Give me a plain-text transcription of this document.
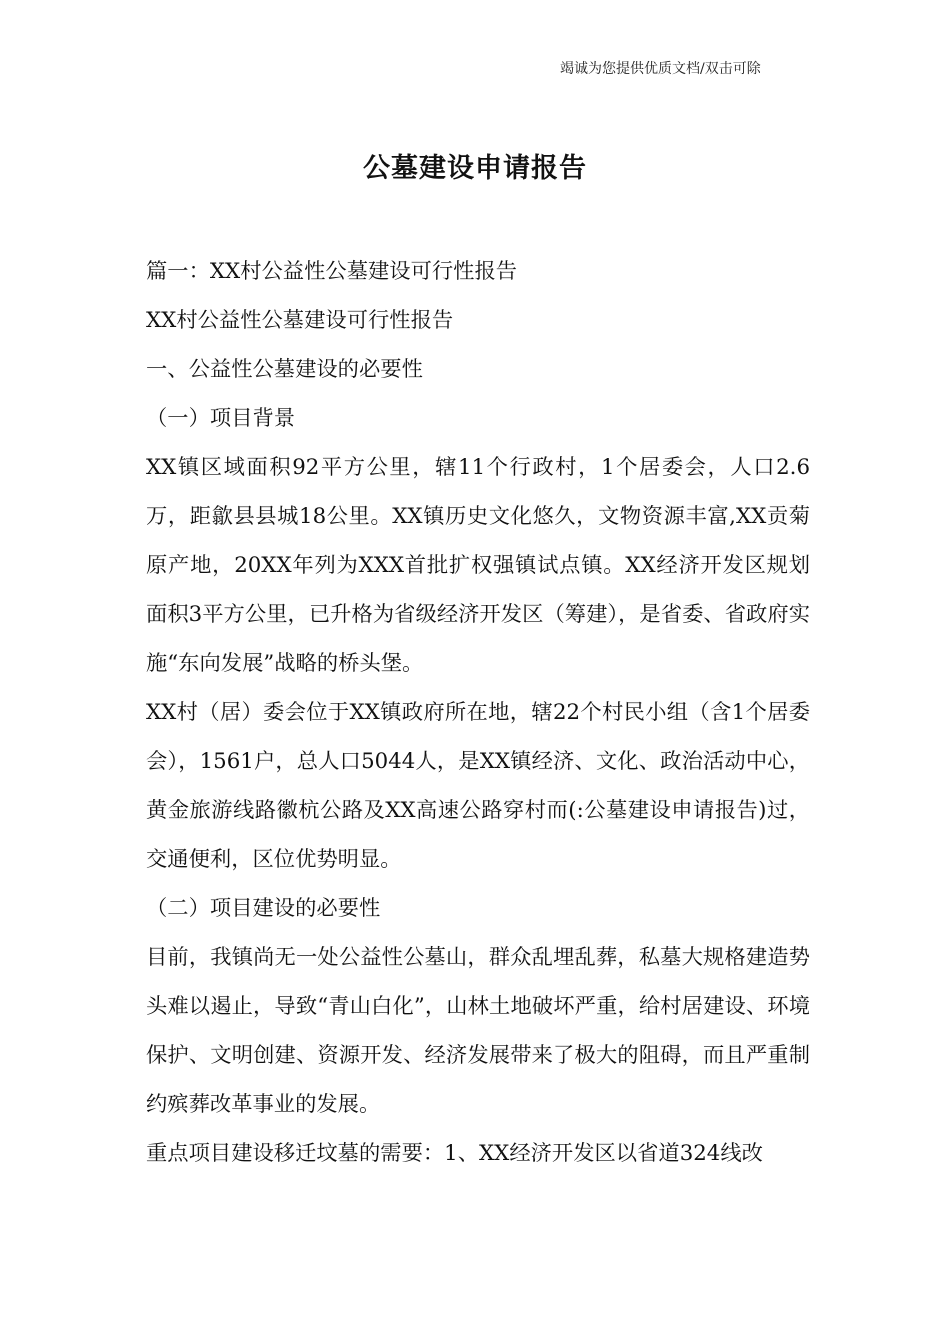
竭诚为您提供优质文档/双击可除
公墓建设申请报告

篇一：XX村公益性公墓建设可行性报告

XX村公益性公墓建设可行性报告

一、公益性公墓建设的必要性

（一）项目背景

XX镇区域面积92平方公里，辖11个行政村，1个居委会，人口2.6万，距歙县县城18公里。XX镇历史文化悠久，文物资源丰富,XX贡菊原产地，20XX年列为XXX首批扩权强镇试点镇。XX经济开发区规划面积3平方公里，已升格为省级经济开发区（筹建），是省委、省政府实施“东向发展”战略的桥头堡。

XX村（居）委会位于XX镇政府所在地，辖22个村民小组（含1个居委会），1561户，总人口5044人，是XX镇经济、文化、政治活动中心，黄金旅游线路徽杭公路及XX高速公路穿村而(:公墓建设申请报告)过，交通便利，区位优势明显。

（二）项目建设的必要性

目前，我镇尚无一处公益性公墓山，群众乱埋乱葬，私墓大规格建造势头难以遏止，导致“青山白化”，山林土地破坏严重，给村居建设、环境保护、文明创建、资源开发、经济发展带来了极大的阻碍，而且严重制约殡葬改革事业的发展。

重点项目建设移迁坟墓的需要：1、XX经济开发区以省道324线改
